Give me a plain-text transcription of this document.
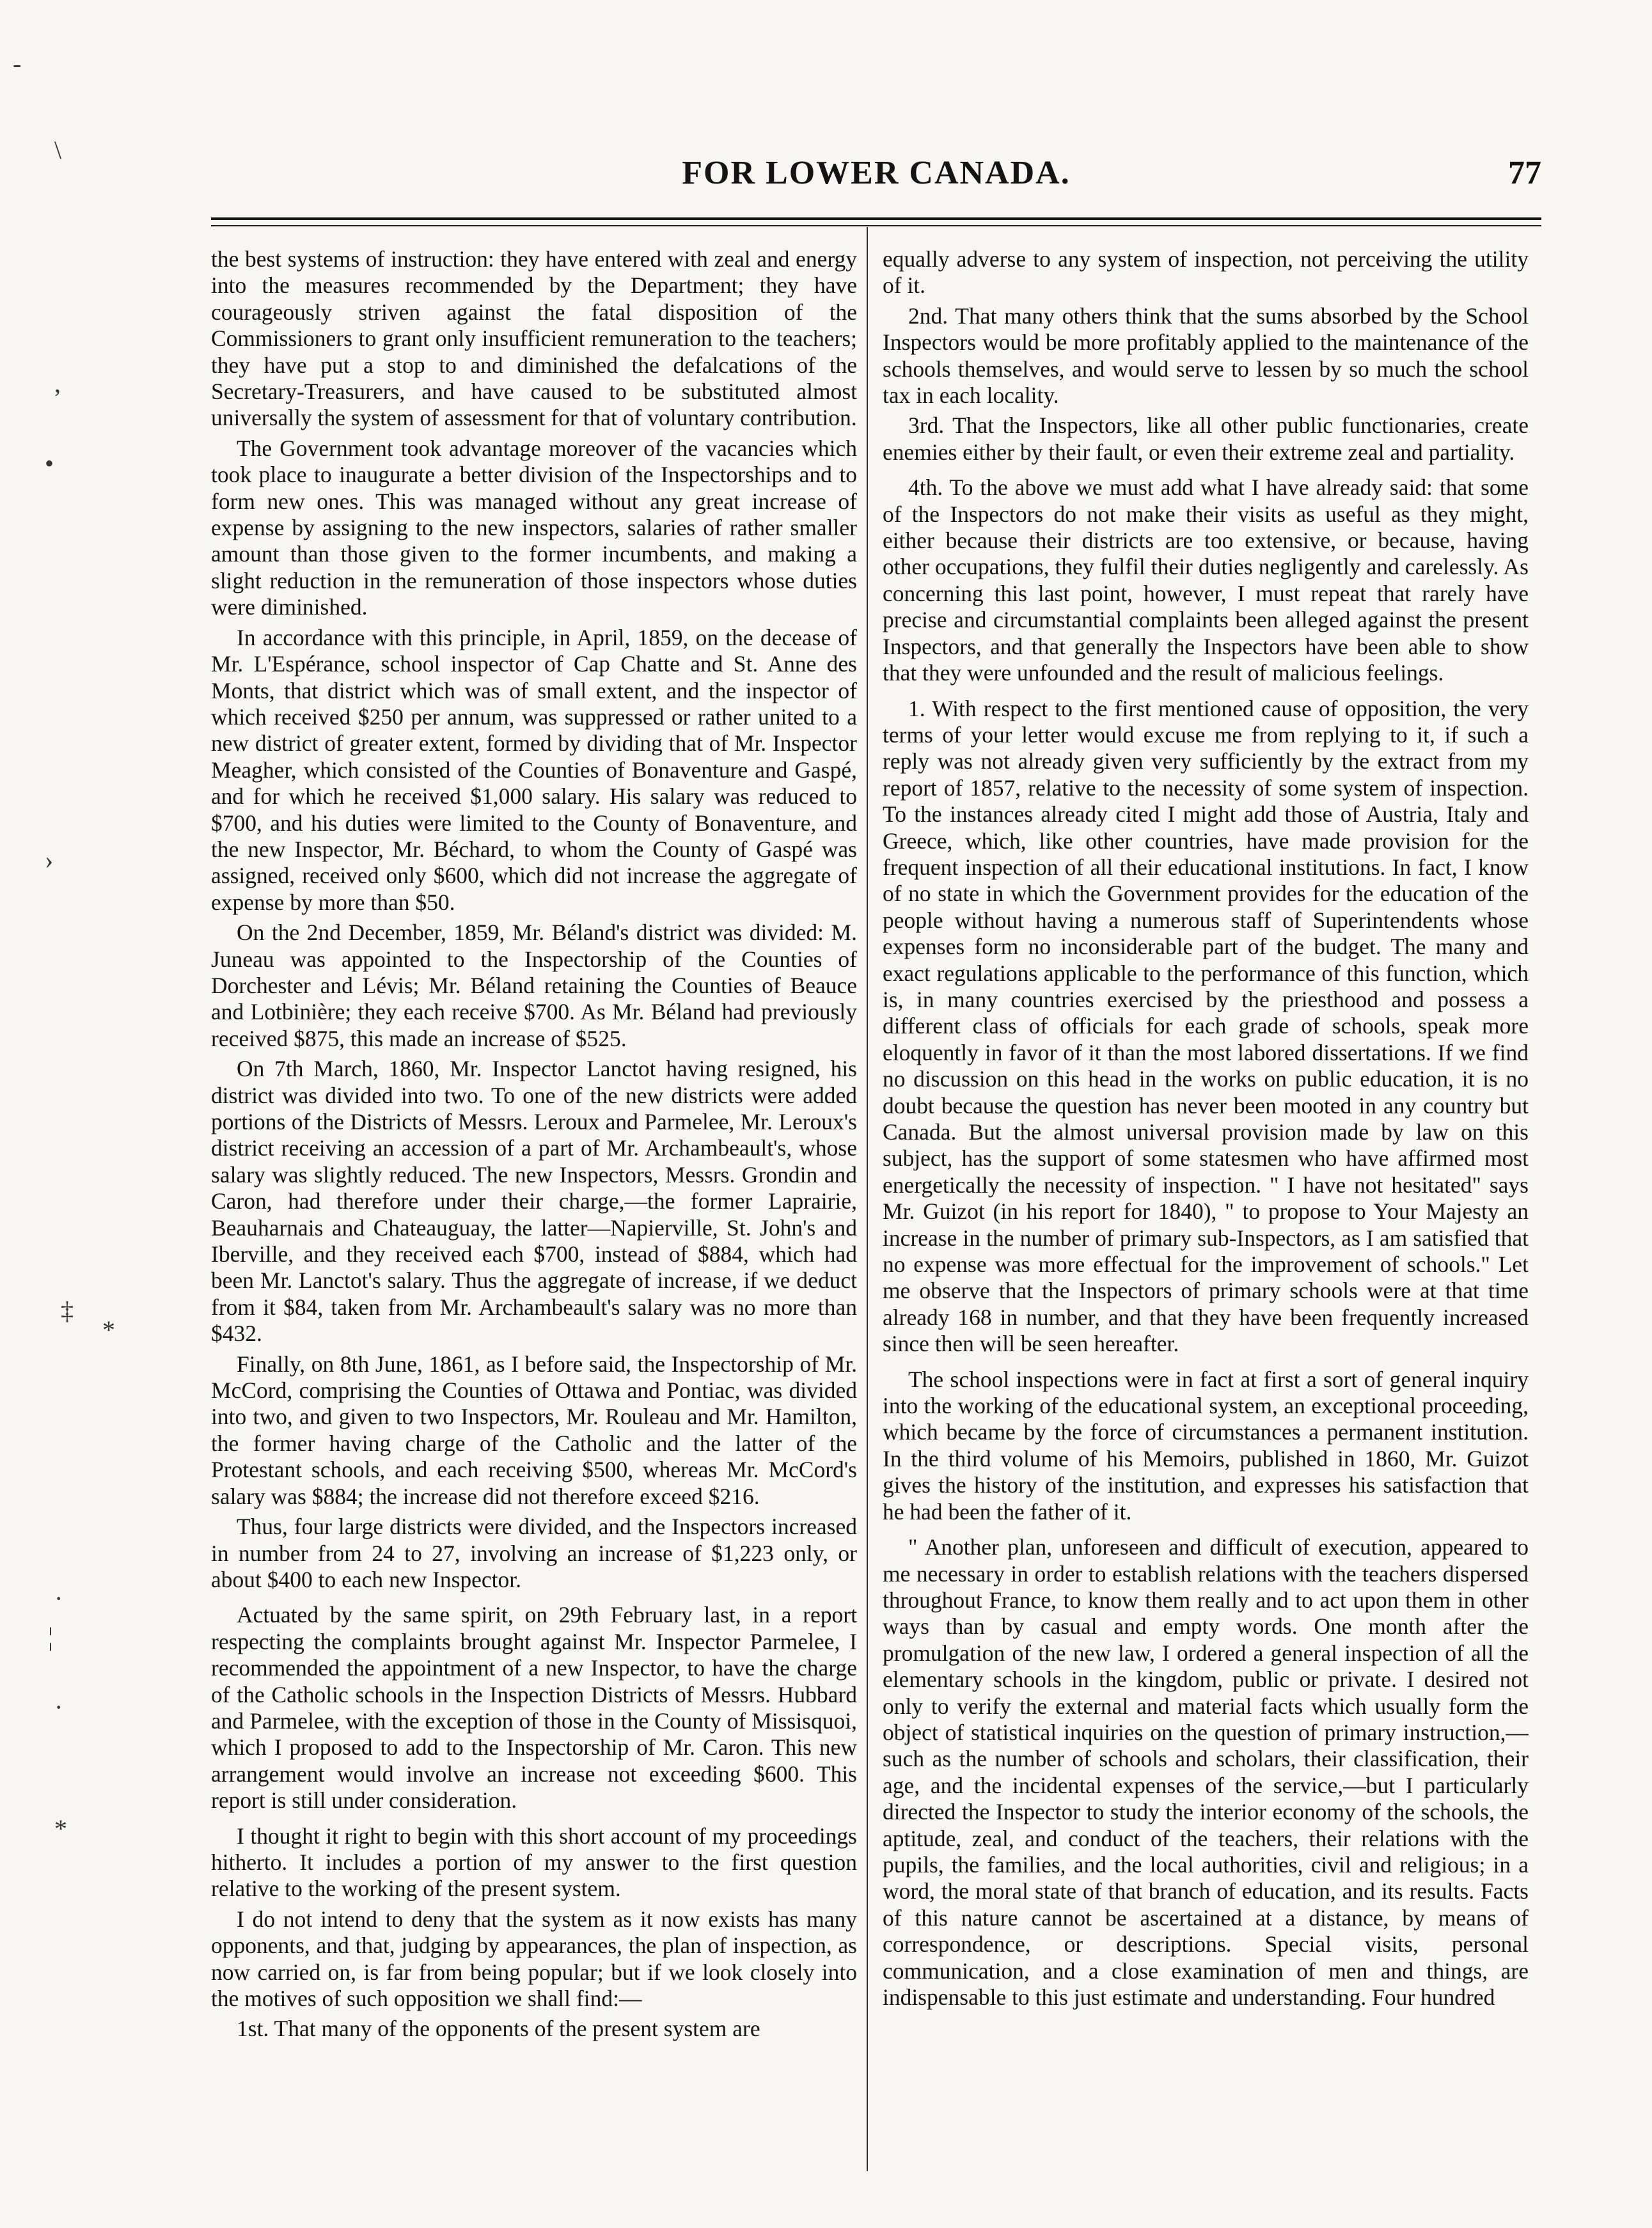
-
\
,
•
›
‡
*
·
¦
·
*
FOR LOWER CANADA.	77

the best systems of instruction: they have entered with zeal and energy into the measures recommended by the Department; they have courageously striven against the fatal disposition of the Commissioners to grant only insufficient remuneration to the teachers; they have put a stop to and diminished the defalcations of the Secretary-Treasurers, and have caused to be substituted almost universally the system of assessment for that of voluntary contribution.

The Government took advantage moreover of the vacancies which took place to inaugurate a better division of the Inspectorships and to form new ones. This was managed without any great increase of expense by assigning to the new inspectors, salaries of rather smaller amount than those given to the former incumbents, and making a slight reduction in the remuneration of those inspectors whose duties were diminished.

In accordance with this principle, in April, 1859, on the decease of Mr. L'Espérance, school inspector of Cap Chatte and St. Anne des Monts, that district which was of small extent, and the inspector of which received $250 per annum, was suppressed or rather united to a new district of greater extent, formed by dividing that of Mr. Inspector Meagher, which consisted of the Counties of Bonaventure and Gaspé, and for which he received $1,000 salary. His salary was reduced to $700, and his duties were limited to the County of Bonaventure, and the new Inspector, Mr. Béchard, to whom the County of Gaspé was assigned, received only $600, which did not increase the aggregate of expense by more than $50.

On the 2nd December, 1859, Mr. Béland's district was divided: M. Juneau was appointed to the Inspectorship of the Counties of Dorchester and Lévis; Mr. Béland retaining the Counties of Beauce and Lotbinière; they each receive $700. As Mr. Béland had previously received $875, this made an increase of $525.

On 7th March, 1860, Mr. Inspector Lanctot having resigned, his district was divided into two. To one of the new districts were added portions of the Districts of Messrs. Leroux and Parmelee, Mr. Leroux's district receiving an accession of a part of Mr. Archambeault's, whose salary was slightly reduced. The new Inspectors, Messrs. Grondin and Caron, had therefore under their charge,—the former Laprairie, Beauharnais and Chateauguay, the latter—Napierville, St. John's and Iberville, and they received each $700, instead of $884, which had been Mr. Lanctot's salary. Thus the aggregate of increase, if we deduct from it $84, taken from Mr. Archambeault's salary was no more than $432.

Finally, on 8th June, 1861, as I before said, the Inspectorship of Mr. McCord, comprising the Counties of Ottawa and Pontiac, was divided into two, and given to two Inspectors, Mr. Rouleau and Mr. Hamilton, the former having charge of the Catholic and the latter of the Protestant schools, and each receiving $500, whereas Mr. McCord's salary was $884; the increase did not therefore exceed $216.

Thus, four large districts were divided, and the Inspectors increased in number from 24 to 27, involving an increase of $1,223 only, or about $400 to each new Inspector.

Actuated by the same spirit, on 29th February last, in a report respecting the complaints brought against Mr. Inspector Parmelee, I recommended the appointment of a new Inspector, to have the charge of the Catholic schools in the Inspection Districts of Messrs. Hubbard and Parmelee, with the exception of those in the County of Missisquoi, which I proposed to add to the Inspectorship of Mr. Caron. This new arrangement would involve an increase not exceeding $600. This report is still under consideration.

I thought it right to begin with this short account of my proceedings hitherto. It includes a portion of my answer to the first question relative to the working of the present system.

I do not intend to deny that the system as it now exists has many opponents, and that, judging by appearances, the plan of inspection, as now carried on, is far from being popular; but if we look closely into the motives of such opposition we shall find:—

1st. That many of the opponents of the present system are

equally adverse to any system of inspection, not perceiving the utility of it.

2nd. That many others think that the sums absorbed by the School Inspectors would be more profitably applied to the maintenance of the schools themselves, and would serve to lessen by so much the school tax in each locality.

3rd. That the Inspectors, like all other public functionaries, create enemies either by their fault, or even their extreme zeal and partiality.

4th. To the above we must add what I have already said: that some of the Inspectors do not make their visits as useful as they might, either because their districts are too extensive, or because, having other occupations, they fulfil their duties negligently and carelessly. As concerning this last point, however, I must repeat that rarely have precise and circumstantial complaints been alleged against the present Inspectors, and that generally the Inspectors have been able to show that they were unfounded and the result of malicious feelings.

1. With respect to the first mentioned cause of opposition, the very terms of your letter would excuse me from replying to it, if such a reply was not already given very sufficiently by the extract from my report of 1857, relative to the necessity of some system of inspection. To the instances already cited I might add those of Austria, Italy and Greece, which, like other countries, have made provision for the frequent inspection of all their educational institutions. In fact, I know of no state in which the Government provides for the education of the people without having a numerous staff of Superintendents whose expenses form no inconsiderable part of the budget. The many and exact regulations applicable to the performance of this function, which is, in many countries exercised by the priesthood and possess a different class of officials for each grade of schools, speak more eloquently in favor of it than the most labored dissertations. If we find no discussion on this head in the works on public education, it is no doubt because the question has never been mooted in any country but Canada. But the almost universal provision made by law on this subject, has the support of some statesmen who have affirmed most energetically the necessity of inspection. " I have not hesitated" says Mr. Guizot (in his report for 1840), " to propose to Your Majesty an increase in the number of primary sub-Inspectors, as I am satisfied that no expense was more effectual for the improvement of schools." Let me observe that the Inspectors of primary schools were at that time already 168 in number, and that they have been frequently increased since then will be seen hereafter.

The school inspections were in fact at first a sort of general inquiry into the working of the educational system, an exceptional proceeding, which became by the force of circumstances a permanent institution. In the third volume of his Memoirs, published in 1860, Mr. Guizot gives the history of the institution, and expresses his satisfaction that he had been the father of it.

" Another plan, unforeseen and difficult of execution, appeared to me necessary in order to establish relations with the teachers dispersed throughout France, to know them really and to act upon them in other ways than by casual and empty words. One month after the promulgation of the new law, I ordered a general inspection of all the elementary schools in the kingdom, public or private. I desired not only to verify the external and material facts which usually form the object of statistical inquiries on the question of primary instruction,—such as the number of schools and scholars, their classification, their age, and the incidental expenses of the service,—but I particularly directed the Inspector to study the interior economy of the schools, the aptitude, zeal, and conduct of the teachers, their relations with the pupils, the families, and the local authorities, civil and religious; in a word, the moral state of that branch of education, and its results. Facts of this nature cannot be ascertained at a distance, by means of correspondence, or descriptions. Special visits, personal communication, and a close examination of men and things, are indispensable to this just estimate and understanding. Four hundred
